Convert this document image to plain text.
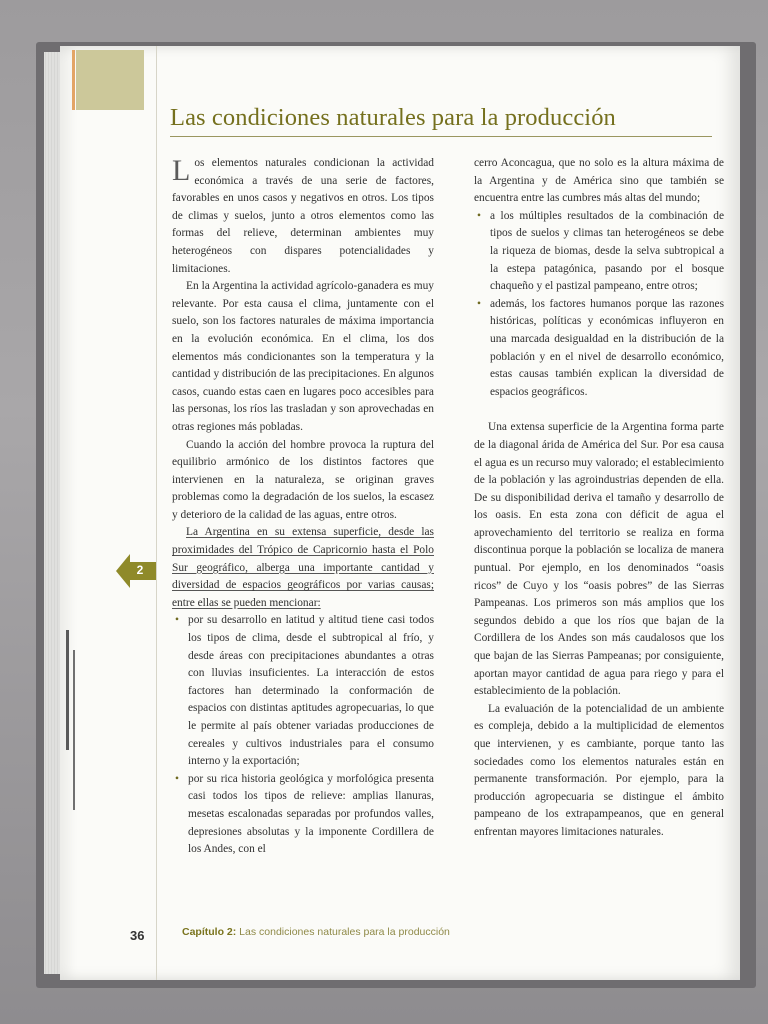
Las condiciones naturales para la producción

Los elementos naturales condicionan la actividad económica a través de una serie de factores, favorables en unos casos y negativos en otros. Los tipos de climas y suelos, junto a otros elementos como las formas del relieve, determinan ambientes muy heterogéneos con dispares potencialidades y limitaciones.

En la Argentina la actividad agrícolo-ganadera es muy relevante. Por esta causa el clima, juntamente con el suelo, son los factores naturales de máxima importancia en la evolución económica. En el clima, los dos elementos más condicionantes son la temperatura y la cantidad y distribución de las precipitaciones. En algunos casos, cuando estas caen en lugares poco accesibles para las personas, los ríos las trasladan y son aprovechadas en otras regiones más pobladas.

Cuando la acción del hombre provoca la ruptura del equilibrio armónico de los distintos factores que intervienen en la naturaleza, se originan graves problemas como la degradación de los suelos, la escasez y deterioro de la calidad de las aguas, entre otros.

La Argentina en su extensa superficie, desde las proximidades del Trópico de Capricornio hasta el Polo Sur geográfico, alberga una importante cantidad y diversidad de espacios geográficos por varias causas; entre ellas se pueden mencionar:

• por su desarrollo en latitud y altitud tiene casi todos los tipos de clima, desde el subtropical al frío, y desde áreas con precipitaciones abundantes a otras con lluvias insuficientes. La interacción de estos factores han determinado la conformación de espacios con distintas aptitudes agropecuarias, lo que le permite al país obtener variadas producciones de cereales y cultivos industriales para el consumo interno y la exportación;
• por su rica historia geológica y morfológica presenta casi todos los tipos de relieve: amplias llanuras, mesetas escalonadas separadas por profundos valles, depresiones absolutas y la imponente Cordillera de los Andes, con el

cerro Aconcagua, que no solo es la altura máxima de la Argentina y de América sino que también se encuentra entre las cumbres más altas del mundo;

• a los múltiples resultados de la combinación de tipos de suelos y climas tan heterogéneos se debe la riqueza de biomas, desde la selva subtropical a la estepa patagónica, pasando por el bosque chaqueño y el pastizal pampeano, entre otros;
• además, los factores humanos porque las razones históricas, políticas y económicas influyeron en una marcada desigualdad en la distribución de la población y en el nivel de desarrollo económico, estas causas también explican la diversidad de espacios geográficos.

Una extensa superficie de la Argentina forma parte de la diagonal árida de América del Sur. Por esa causa el agua es un recurso muy valorado; el establecimiento de la población y las agroindustrias dependen de ella. De su disponibilidad deriva el tamaño y desarrollo de los oasis. En esta zona con déficit de agua el aprovechamiento del territorio se realiza en forma discontinua porque la población se localiza de manera puntual. Por ejemplo, en los denominados “oasis ricos” de Cuyo y los “oasis pobres” de las Sierras Pampeanas. Los primeros son más amplios que los segundos debido a que los ríos que bajan de la Cordillera de los Andes son más caudalosos que los que bajan de las Sierras Pampeanas; por consiguiente, aportan mayor cantidad de agua para riego y para el establecimiento de la población.

La evaluación de la potencialidad de un ambiente es compleja, debido a la multiplicidad de elementos que intervienen, y es cambiante, porque tanto las sociedades como los elementos naturales están en permanente transformación. Por ejemplo, para la producción agropecuaria se distingue el ámbito pampeano de los extrapampeanos, que en general enfrentan mayores limitaciones naturales.

2
36	Capítulo 2: Las condiciones naturales para la producción
